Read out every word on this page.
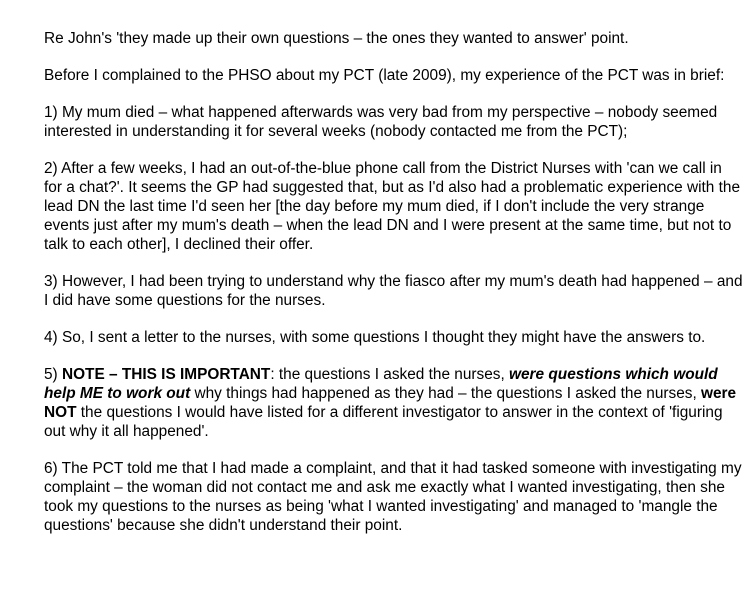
Re John's 'they made up their own questions – the ones they wanted to answer' point.

Before I complained to the PHSO about my PCT (late 2009), my experience of the PCT was in brief:

1) My mum died – what happened afterwards was very bad from my perspective – nobody seemed interested in understanding it for several weeks (nobody contacted me from the PCT);

2) After a few weeks, I had an out-of-the-blue phone call from the District Nurses with 'can we call in for a chat?'. It seems the GP had suggested that, but as I'd also had a problematic experience with the lead DN the last time I'd seen her [the day before my mum died, if I don't include the very strange events just after my mum's death – when the lead DN and I were present at the same time, but not to talk to each other], I declined their offer.

3) However, I had been trying to understand why the fiasco after my mum's death had happened – and I did have some questions for the nurses.

4) So, I sent a letter to the nurses, with some questions I thought they might have the answers to.

5) NOTE – THIS IS IMPORTANT: the questions I asked the nurses, were questions which would help ME to work out why things had happened as they had – the questions I asked the nurses, were NOT the questions I would have listed for a different investigator to answer in the context of 'figuring out why it all happened'.

6) The PCT told me that I had made a complaint, and that it had tasked someone with investigating my complaint – the woman did not contact me and ask me exactly what I wanted investigating, then she took my questions to the nurses as being 'what I wanted investigating' and managed to 'mangle the questions' because she didn't understand their point.
